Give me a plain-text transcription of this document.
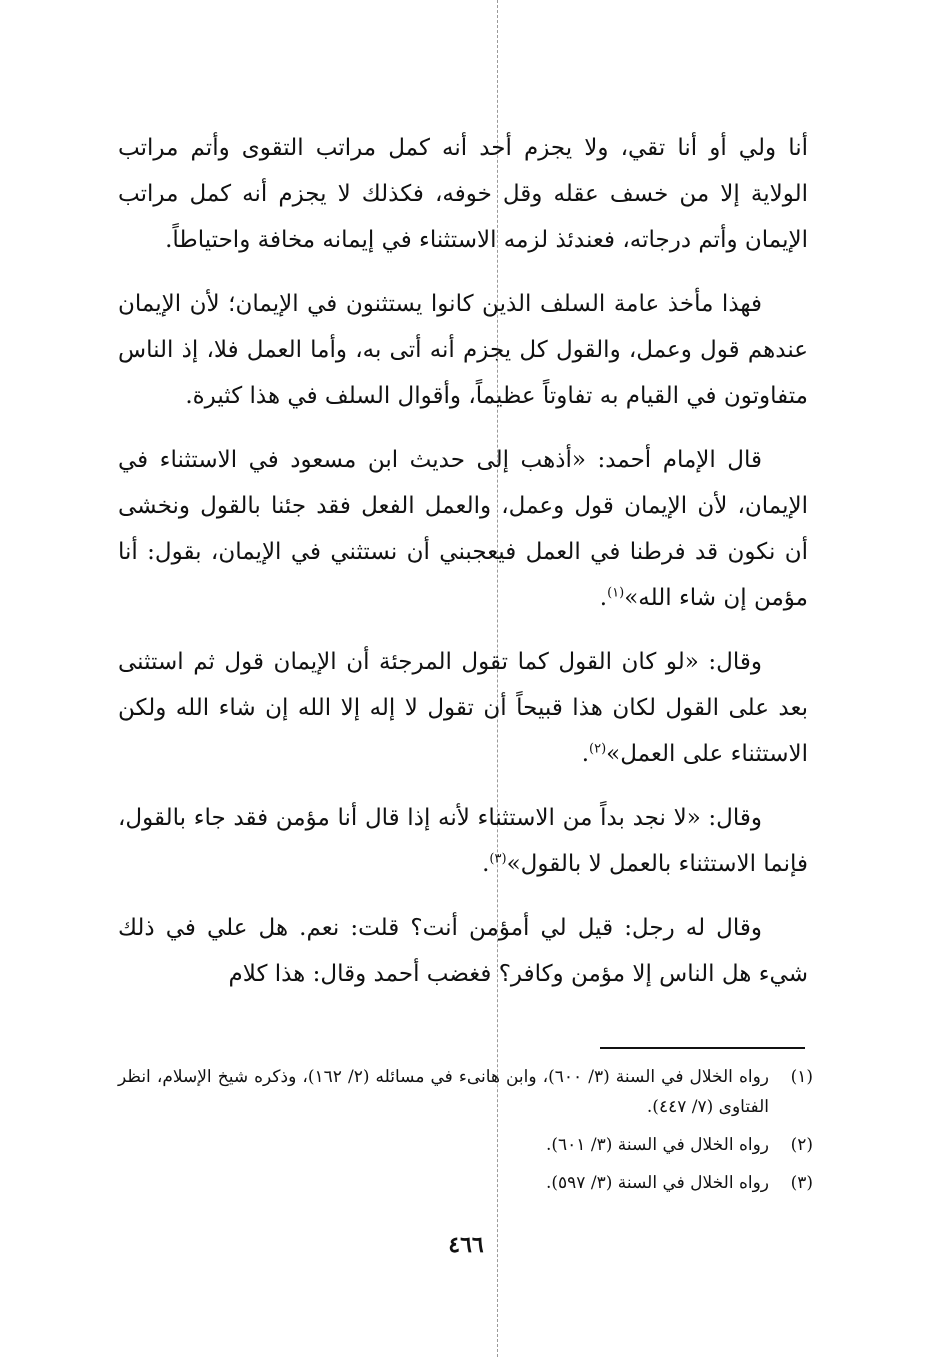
أنا ولي أو أنا تقي، ولا يجزم أحد أنه كمل مراتب التقوى وأتم مراتب الولاية إلا من خسف عقله وقل خوفه، فكذلك لا يجزم أنه كمل مراتب الإيمان وأتم درجاته، فعندئذ لزمه الاستثناء في إيمانه مخافة واحتياطاً.

فهذا مأخذ عامة السلف الذين كانوا يستثنون في الإيمان؛ لأن الإيمان عندهم قول وعمل، والقول كل يجزم أنه أتى به، وأما العمل فلا، إذ الناس متفاوتون في القيام به تفاوتاً عظيماً، وأقوال السلف في هذا كثيرة.

قال الإمام أحمد: «أذهب إلى حديث ابن مسعود في الاستثناء في الإيمان، لأن الإيمان قول وعمل، والعمل الفعل فقد جئنا بالقول ونخشى أن نكون قد فرطنا في العمل فيعجبني أن نستثني في الإيمان، بقول: أنا مؤمن إن شاء الله»$^{(١)}$.

وقال: «لو كان القول كما تقول المرجئة أن الإيمان قول ثم استثنى بعد على القول لكان هذا قبيحاً أن تقول لا إله إلا الله إن شاء الله ولكن الاستثناء على العمل»$^{(٢)}$.

وقال: «لا نجد بداً من الاستثناء لأنه إذا قال أنا مؤمن فقد جاء بالقول، فإنما الاستثناء بالعمل لا بالقول»$^{(٣)}$.

وقال له رجل: قيل لي أمؤمن أنت؟ قلت: نعم. هل علي في ذلك شيء هل الناس إلا مؤمن وكافر؟ فغضب أحمد وقال: هذا كلام

(١)
رواه الخلال في السنة (٣/ ٦٠٠)، وابن هانىء في مسائله (٢/ ١٦٢)، وذكره شيخ الإسلام، انظر الفتاوى (٧/ ٤٤٧).
(٢)
رواه الخلال في السنة (٣/ ٦٠١).
(٣)
رواه الخلال في السنة (٣/ ٥٩٧).
٤٦٦
